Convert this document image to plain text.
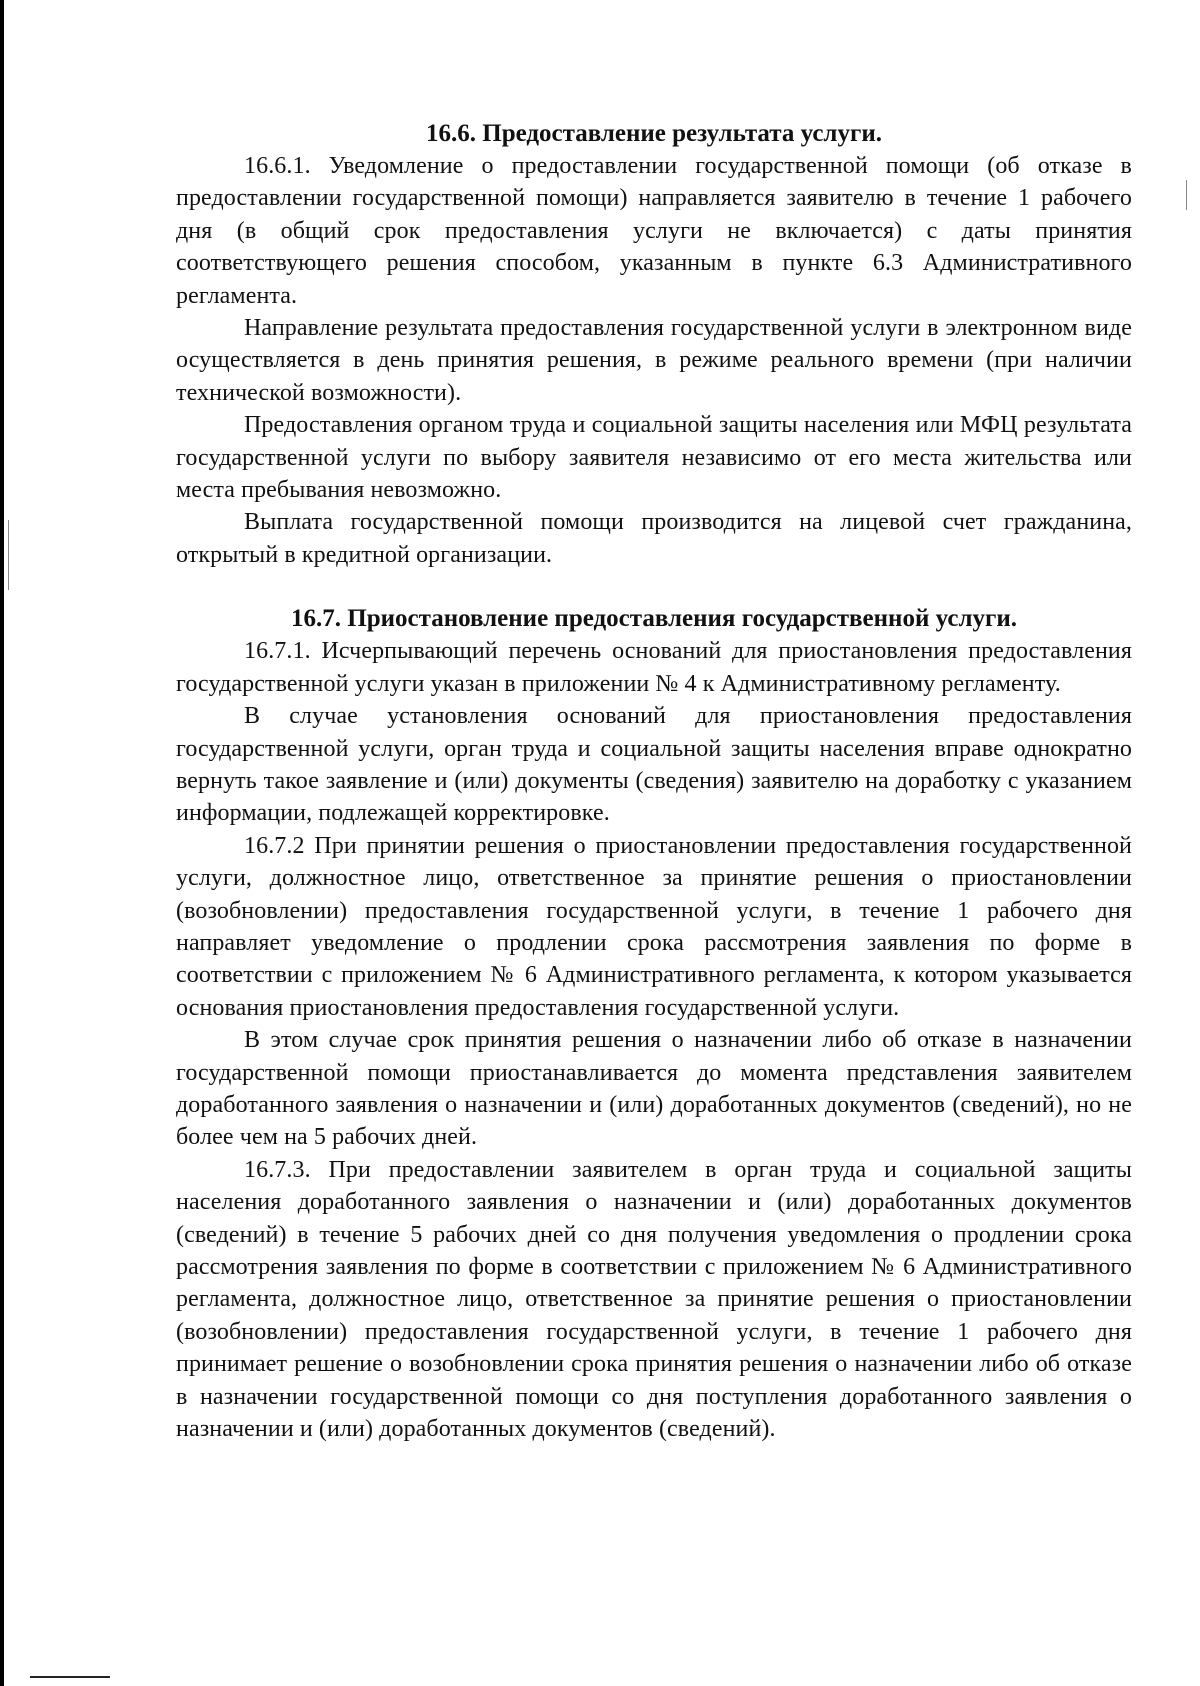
16.6. Предоставление результата услуги.

16.6.1. Уведомление о предоставлении государственной помощи (об отказе в предоставлении государственной помощи) направляется заявителю в течение 1 рабочего дня (в общий срок предоставления услуги не включается) с даты принятия соответствующего решения способом, указанным в пункте 6.3 Административного регламента.

Направление результата предоставления государственной услуги в электронном виде осуществляется в день принятия решения, в режиме реального времени (при наличии технической возможности).

Предоставления органом труда и социальной защиты населения или МФЦ результата государственной услуги по выбору заявителя независимо от его места жительства или места пребывания невозможно.

Выплата государственной помощи производится на лицевой счет гражданина, открытый в кредитной организации.

16.7. Приостановление предоставления государственной услуги.

16.7.1. Исчерпывающий перечень оснований для приостановления предоставления государственной услуги указан в приложении № 4 к Административному регламенту.

В случае установления оснований для приостановления предоставления государственной услуги, орган труда и социальной защиты населения вправе однократно вернуть такое заявление и (или) документы (сведения) заявителю на доработку с указанием информации, подлежащей корректировке.

16.7.2 При принятии решения о приостановлении предоставления государственной услуги, должностное лицо, ответственное за принятие решения о приостановлении (возобновлении) предоставления государственной услуги, в течение 1 рабочего дня направляет уведомление о продлении срока рассмотрения заявления по форме в соответствии с приложением № 6 Административного регламента, к котором указывается основания приостановления предоставления государственной услуги.

В этом случае срок принятия решения о назначении либо об отказе в назначении государственной помощи приостанавливается до момента представления заявителем доработанного заявления о назначении и (или) доработанных документов (сведений), но не более чем на 5 рабочих дней.

16.7.3. При предоставлении заявителем в орган труда и социальной защиты населения доработанного заявления о назначении и (или) доработанных документов (сведений) в течение 5 рабочих дней со дня получения уведомления о продлении срока рассмотрения заявления по форме в соответствии с приложением № 6 Административного регламента, должностное лицо, ответственное за принятие решения о приостановлении (возобновлении) предоставления государственной услуги, в течение 1 рабочего дня принимает решение о возобновлении срока принятия решения о назначении либо об отказе в назначении государственной помощи со дня поступления доработанного заявления о назначении и (или) доработанных документов (сведений).
